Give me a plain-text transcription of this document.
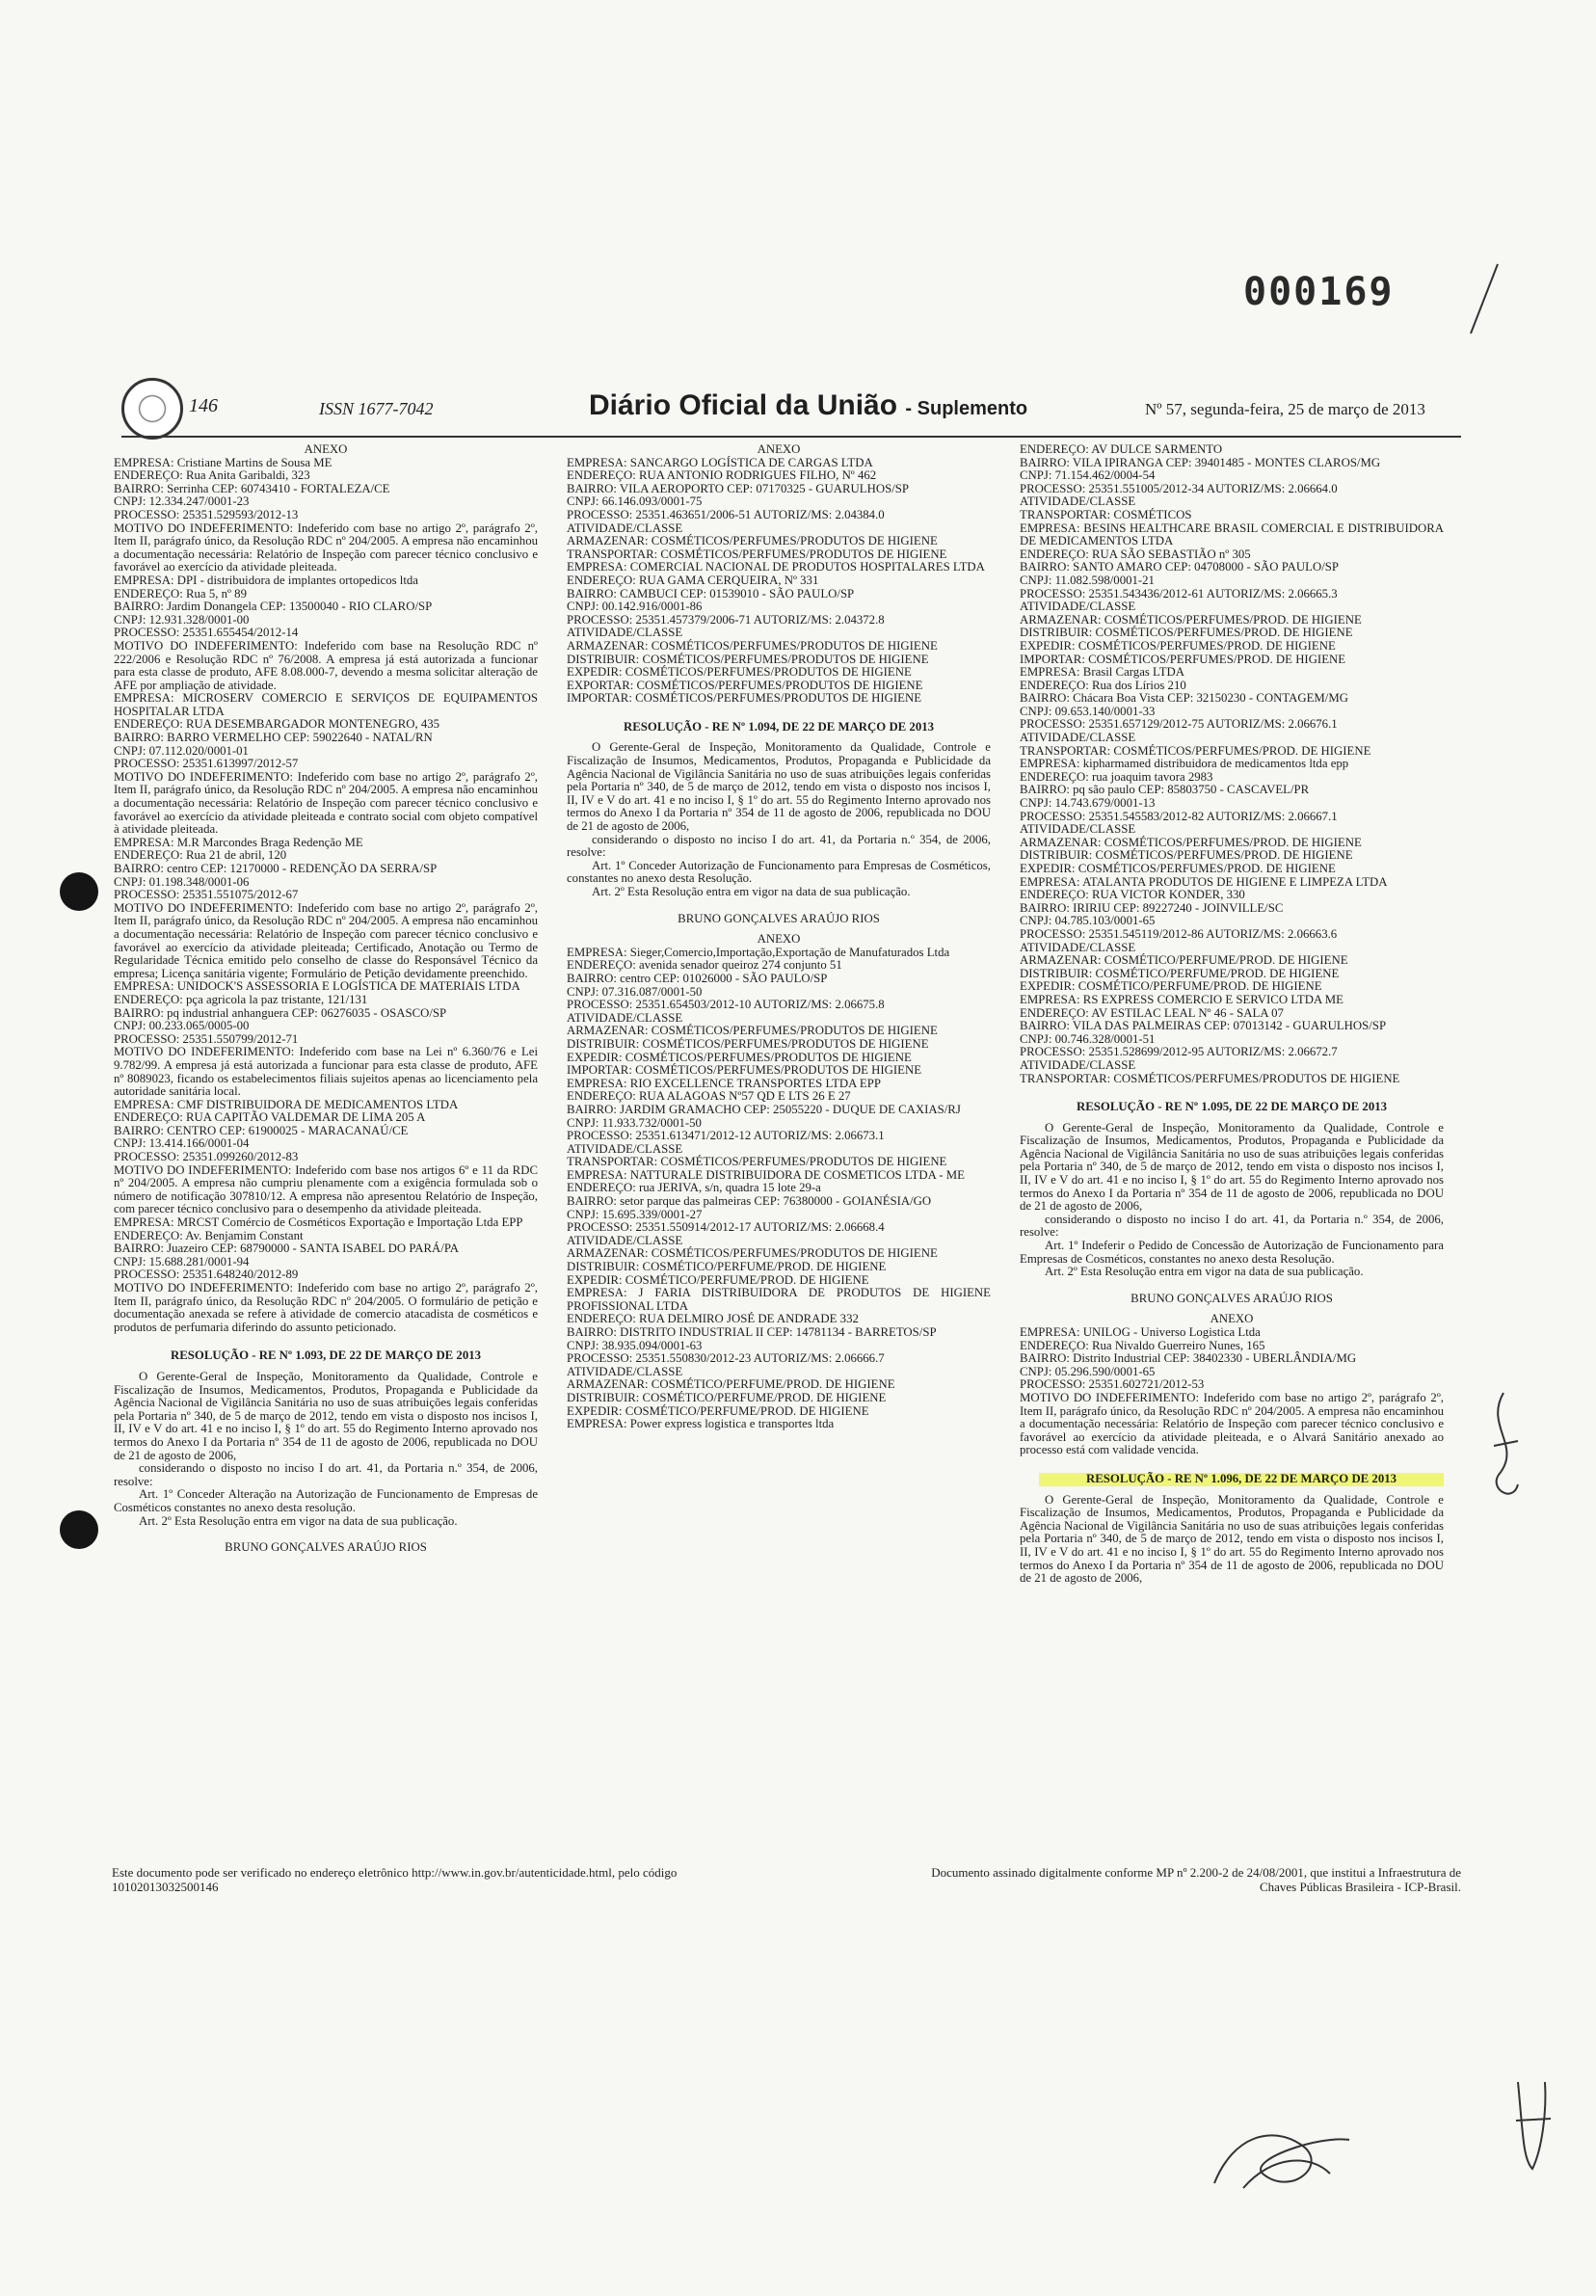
000169
146	ISSN 1677-7042	Diário Oficial da União - Suplemento	Nº 57, segunda-feira, 25 de março de 2013

ANEXO

EMPRESA: Cristiane Martins de Sousa ME

ENDEREÇO: Rua Anita Garibaldi, 323

BAIRRO: Serrinha CEP: 60743410 - FORTALEZA/CE

CNPJ: 12.334.247/0001-23

PROCESSO: 25351.529593/2012-13

MOTIVO DO INDEFERIMENTO: Indeferido com base no artigo 2º, parágrafo 2º, Item II, parágrafo único, da Resolução RDC nº 204/2005. A empresa não encaminhou a documentação necessária: Relatório de Inspeção com parecer técnico conclusivo e favorável ao exercício da atividade pleiteada.

EMPRESA: DPI - distribuidora de implantes ortopedicos ltda

ENDEREÇO: Rua 5, nº 89

BAIRRO: Jardim Donangela CEP: 13500040 - RIO CLARO/SP

CNPJ: 12.931.328/0001-00

PROCESSO: 25351.655454/2012-14

MOTIVO DO INDEFERIMENTO: Indeferido com base na Resolução RDC nº 222/2006 e Resolução RDC nº 76/2008. A empresa já está autorizada a funcionar para esta classe de produto, AFE 8.08.000-7, devendo a mesma solicitar alteração de AFE por ampliação de atividade.

EMPRESA: MICROSERV COMERCIO E SERVIÇOS DE EQUIPAMENTOS HOSPITALAR LTDA

ENDEREÇO: RUA DESEMBARGADOR MONTENEGRO, 435

BAIRRO: BARRO VERMELHO CEP: 59022640 - NATAL/RN

CNPJ: 07.112.020/0001-01

PROCESSO: 25351.613997/2012-57

MOTIVO DO INDEFERIMENTO: Indeferido com base no artigo 2º, parágrafo 2º, Item II, parágrafo único, da Resolução RDC nº 204/2005. A empresa não encaminhou a documentação necessária: Relatório de Inspeção com parecer técnico conclusivo e favorável ao exercício da atividade pleiteada e contrato social com objeto compatível à atividade pleiteada.

EMPRESA: M.R Marcondes Braga Redenção ME

ENDEREÇO: Rua 21 de abril, 120

BAIRRO: centro CEP: 12170000 - REDENÇÃO DA SERRA/SP

CNPJ: 01.198.348/0001-06

PROCESSO: 25351.551075/2012-67

MOTIVO DO INDEFERIMENTO: Indeferido com base no artigo 2º, parágrafo 2º, Item II, parágrafo único, da Resolução RDC nº 204/2005. A empresa não encaminhou a documentação necessária: Relatório de Inspeção com parecer técnico conclusivo e favorável ao exercício da atividade pleiteada; Certificado, Anotação ou Termo de Regularidade Técnica emitido pelo conselho de classe do Responsável Técnico da empresa; Licença sanitária vigente; Formulário de Petição devidamente preenchido.

EMPRESA: UNIDOCK'S ASSESSORIA E LOGÍSTICA DE MATERIAIS LTDA

ENDEREÇO: pça agricola la paz tristante, 121/131

BAIRRO: pq industrial anhanguera CEP: 06276035 - OSASCO/SP

CNPJ: 00.233.065/0005-00

PROCESSO: 25351.550799/2012-71

MOTIVO DO INDEFERIMENTO: Indeferido com base na Lei nº 6.360/76 e Lei 9.782/99. A empresa já está autorizada a funcionar para esta classe de produto, AFE nº 8089023, ficando os estabelecimentos filiais sujeitos apenas ao licenciamento pela autoridade sanitária local.

EMPRESA: CMF DISTRIBUIDORA DE MEDICAMENTOS LTDA

ENDEREÇO: RUA CAPITÃO VALDEMAR DE LIMA 205 A

BAIRRO: CENTRO CEP: 61900025 - MARACANAÚ/CE

CNPJ: 13.414.166/0001-04

PROCESSO: 25351.099260/2012-83

MOTIVO DO INDEFERIMENTO: Indeferido com base nos artigos 6º e 11 da RDC nº 204/2005. A empresa não cumpriu plenamente com a exigência formulada sob o número de notificação 307810/12. A empresa não apresentou Relatório de Inspeção, com parecer técnico conclusivo para o desempenho da atividade pleiteada.

EMPRESA: MRCST Comércio de Cosméticos Exportação e Importação Ltda EPP

ENDEREÇO: Av. Benjamim Constant

BAIRRO: Juazeiro CEP: 68790000 - SANTA ISABEL DO PARÁ/PA

CNPJ: 15.688.281/0001-94

PROCESSO: 25351.648240/2012-89

MOTIVO DO INDEFERIMENTO: Indeferido com base no artigo 2º, parágrafo 2º, Item II, parágrafo único, da Resolução RDC nº 204/2005. O formulário de petição e documentação anexada se refere à atividade de comercio atacadista de cosméticos e produtos de perfumaria diferindo do assunto peticionado.

RESOLUÇÃO - RE Nº 1.093, DE 22 DE MARÇO DE 2013

O Gerente-Geral de Inspeção, Monitoramento da Qualidade, Controle e Fiscalização de Insumos, Medicamentos, Produtos, Propaganda e Publicidade da Agência Nacional de Vigilância Sanitária no uso de suas atribuições legais conferidas pela Portaria nº 340, de 5 de março de 2012, tendo em vista o disposto nos incisos I, II, IV e V do art. 41 e no inciso I, § 1º do art. 55 do Regimento Interno aprovado nos termos do Anexo I da Portaria nº 354 de 11 de agosto de 2006, republicada no DOU de 21 de agosto de 2006,

considerando o disposto no inciso I do art. 41, da Portaria n.º 354, de 2006, resolve:

Art. 1º Conceder Alteração na Autorização de Funcionamento de Empresas de Cosméticos constantes no anexo desta resolução.

Art. 2º Esta Resolução entra em vigor na data de sua publicação.

BRUNO GONÇALVES ARAÚJO RIOS

ANEXO

EMPRESA: SANCARGO LOGÍSTICA DE CARGAS LTDA

ENDEREÇO: RUA ANTONIO RODRIGUES FILHO, Nº 462

BAIRRO: VILA AEROPORTO CEP: 07170325 - GUARULHOS/SP

CNPJ: 66.146.093/0001-75

PROCESSO: 25351.463651/2006-51 AUTORIZ/MS: 2.04384.0

ATIVIDADE/CLASSE

ARMAZENAR: COSMÉTICOS/PERFUMES/PRODUTOS DE HIGIENE

TRANSPORTAR: COSMÉTICOS/PERFUMES/PRODUTOS DE HIGIENE

EMPRESA: COMERCIAL NACIONAL DE PRODUTOS HOSPITALARES LTDA

ENDEREÇO: RUA GAMA CERQUEIRA, Nº 331

BAIRRO: CAMBUCI CEP: 01539010 - SÃO PAULO/SP

CNPJ: 00.142.916/0001-86

PROCESSO: 25351.457379/2006-71 AUTORIZ/MS: 2.04372.8

ATIVIDADE/CLASSE

ARMAZENAR: COSMÉTICOS/PERFUMES/PRODUTOS DE HIGIENE

DISTRIBUIR: COSMÉTICOS/PERFUMES/PRODUTOS DE HIGIENE

EXPEDIR: COSMÉTICOS/PERFUMES/PRODUTOS DE HIGIENE

EXPORTAR: COSMÉTICOS/PERFUMES/PRODUTOS DE HIGIENE

IMPORTAR: COSMÉTICOS/PERFUMES/PRODUTOS DE HIGIENE

RESOLUÇÃO - RE Nº 1.094, DE 22 DE MARÇO DE 2013

O Gerente-Geral de Inspeção, Monitoramento da Qualidade, Controle e Fiscalização de Insumos, Medicamentos, Produtos, Propaganda e Publicidade da Agência Nacional de Vigilância Sanitária no uso de suas atribuições legais conferidas pela Portaria nº 340, de 5 de março de 2012, tendo em vista o disposto nos incisos I, II, IV e V do art. 41 e no inciso I, § 1º do art. 55 do Regimento Interno aprovado nos termos do Anexo I da Portaria nº 354 de 11 de agosto de 2006, republicada no DOU de 21 de agosto de 2006,

considerando o disposto no inciso I do art. 41, da Portaria n.º 354, de 2006, resolve:

Art. 1º Conceder Autorização de Funcionamento para Empresas de Cosméticos, constantes no anexo desta Resolução.

Art. 2º Esta Resolução entra em vigor na data de sua publicação.

BRUNO GONÇALVES ARAÚJO RIOS

ANEXO

EMPRESA: Sieger,Comercio,Importação,Exportação de Manufaturados Ltda

ENDEREÇO: avenida senador queiroz 274 conjunto 51

BAIRRO: centro CEP: 01026000 - SÃO PAULO/SP

CNPJ: 07.316.087/0001-50

PROCESSO: 25351.654503/2012-10 AUTORIZ/MS: 2.06675.8

ATIVIDADE/CLASSE

ARMAZENAR: COSMÉTICOS/PERFUMES/PRODUTOS DE HIGIENE

DISTRIBUIR: COSMÉTICOS/PERFUMES/PRODUTOS DE HIGIENE

EXPEDIR: COSMÉTICOS/PERFUMES/PRODUTOS DE HIGIENE

IMPORTAR: COSMÉTICOS/PERFUMES/PRODUTOS DE HIGIENE

EMPRESA: RIO EXCELLENCE TRANSPORTES LTDA EPP

ENDEREÇO: RUA ALAGOAS Nº57 QD E LTS 26 E 27

BAIRRO: JARDIM GRAMACHO CEP: 25055220 - DUQUE DE CAXIAS/RJ

CNPJ: 11.933.732/0001-50

PROCESSO: 25351.613471/2012-12 AUTORIZ/MS: 2.06673.1

ATIVIDADE/CLASSE

TRANSPORTAR: COSMÉTICOS/PERFUMES/PRODUTOS DE HIGIENE

EMPRESA: NATTURALE DISTRIBUIDORA DE COSMETICOS LTDA - ME

ENDEREÇO: rua JERIVA, s/n, quadra 15 lote 29-a

BAIRRO: setor parque das palmeiras CEP: 76380000 - GOIANÉSIA/GO

CNPJ: 15.695.339/0001-27

PROCESSO: 25351.550914/2012-17 AUTORIZ/MS: 2.06668.4

ATIVIDADE/CLASSE

ARMAZENAR: COSMÉTICOS/PERFUMES/PRODUTOS DE HIGIENE

DISTRIBUIR: COSMÉTICO/PERFUME/PROD. DE HIGIENE

EXPEDIR: COSMÉTICO/PERFUME/PROD. DE HIGIENE

EMPRESA: J FARIA DISTRIBUIDORA DE PRODUTOS DE HIGIENE PROFISSIONAL LTDA

ENDEREÇO: RUA DELMIRO JOSÉ DE ANDRADE 332

BAIRRO: DISTRITO INDUSTRIAL II CEP: 14781134 - BARRETOS/SP

CNPJ: 38.935.094/0001-63

PROCESSO: 25351.550830/2012-23 AUTORIZ/MS: 2.06666.7

ATIVIDADE/CLASSE

ARMAZENAR: COSMÉTICO/PERFUME/PROD. DE HIGIENE

DISTRIBUIR: COSMÉTICO/PERFUME/PROD. DE HIGIENE

EXPEDIR: COSMÉTICO/PERFUME/PROD. DE HIGIENE

EMPRESA: Power express logistica e transportes ltda

ENDEREÇO: AV DULCE SARMENTO

BAIRRO: VILA IPIRANGA CEP: 39401485 - MONTES CLAROS/MG

CNPJ: 71.154.462/0004-54

PROCESSO: 25351.551005/2012-34 AUTORIZ/MS: 2.06664.0

ATIVIDADE/CLASSE

TRANSPORTAR: COSMÉTICOS

EMPRESA: BESINS HEALTHCARE BRASIL COMERCIAL E DISTRIBUIDORA DE MEDICAMENTOS LTDA

ENDEREÇO: RUA SÃO SEBASTIÃO nº 305

BAIRRO: SANTO AMARO CEP: 04708000 - SÃO PAULO/SP

CNPJ: 11.082.598/0001-21

PROCESSO: 25351.543436/2012-61 AUTORIZ/MS: 2.06665.3

ATIVIDADE/CLASSE

ARMAZENAR: COSMÉTICOS/PERFUMES/PROD. DE HIGIENE

DISTRIBUIR: COSMÉTICOS/PERFUMES/PROD. DE HIGIENE

EXPEDIR: COSMÉTICOS/PERFUMES/PROD. DE HIGIENE

IMPORTAR: COSMÉTICOS/PERFUMES/PROD. DE HIGIENE

EMPRESA: Brasil Cargas LTDA

ENDEREÇO: Rua dos Lírios 210

BAIRRO: Chácara Boa Vista CEP: 32150230 - CONTAGEM/MG

CNPJ: 09.653.140/0001-33

PROCESSO: 25351.657129/2012-75 AUTORIZ/MS: 2.06676.1

ATIVIDADE/CLASSE

TRANSPORTAR: COSMÉTICOS/PERFUMES/PROD. DE HIGIENE

EMPRESA: kipharmamed distribuidora de medicamentos ltda epp

ENDEREÇO: rua joaquim tavora 2983

BAIRRO: pq são paulo CEP: 85803750 - CASCAVEL/PR

CNPJ: 14.743.679/0001-13

PROCESSO: 25351.545583/2012-82 AUTORIZ/MS: 2.06667.1

ATIVIDADE/CLASSE

ARMAZENAR: COSMÉTICOS/PERFUMES/PROD. DE HIGIENE

DISTRIBUIR: COSMÉTICOS/PERFUMES/PROD. DE HIGIENE

EXPEDIR: COSMÉTICOS/PERFUMES/PROD. DE HIGIENE

EMPRESA: ATALANTA PRODUTOS DE HIGIENE E LIMPEZA LTDA

ENDEREÇO: RUA VICTOR KONDER, 330

BAIRRO: IRIRIU CEP: 89227240 - JOINVILLE/SC

CNPJ: 04.785.103/0001-65

PROCESSO: 25351.545119/2012-86 AUTORIZ/MS: 2.06663.6

ATIVIDADE/CLASSE

ARMAZENAR: COSMÉTICO/PERFUME/PROD. DE HIGIENE

DISTRIBUIR: COSMÉTICO/PERFUME/PROD. DE HIGIENE

EXPEDIR: COSMÉTICO/PERFUME/PROD. DE HIGIENE

EMPRESA: RS EXPRESS COMERCIO E SERVICO LTDA ME

ENDEREÇO: AV ESTILAC LEAL Nº 46 - SALA 07

BAIRRO: VILA DAS PALMEIRAS CEP: 07013142 - GUARULHOS/SP

CNPJ: 00.746.328/0001-51

PROCESSO: 25351.528699/2012-95 AUTORIZ/MS: 2.06672.7

ATIVIDADE/CLASSE

TRANSPORTAR: COSMÉTICOS/PERFUMES/PRODUTOS DE HIGIENE

RESOLUÇÃO - RE Nº 1.095, DE 22 DE MARÇO DE 2013

O Gerente-Geral de Inspeção, Monitoramento da Qualidade, Controle e Fiscalização de Insumos, Medicamentos, Produtos, Propaganda e Publicidade da Agência Nacional de Vigilância Sanitária no uso de suas atribuições legais conferidas pela Portaria nº 340, de 5 de março de 2012, tendo em vista o disposto nos incisos I, II, IV e V do art. 41 e no inciso I, § 1º do art. 55 do Regimento Interno aprovado nos termos do Anexo I da Portaria nº 354 de 11 de agosto de 2006, republicada no DOU de 21 de agosto de 2006,

considerando o disposto no inciso I do art. 41, da Portaria n.º 354, de 2006, resolve:

Art. 1º Indeferir o Pedido de Concessão de Autorização de Funcionamento para Empresas de Cosméticos, constantes no anexo desta Resolução.

Art. 2º Esta Resolução entra em vigor na data de sua publicação.

BRUNO GONÇALVES ARAÚJO RIOS

ANEXO

EMPRESA: UNILOG - Universo Logistica Ltda

ENDEREÇO: Rua Nivaldo Guerreiro Nunes, 165

BAIRRO: Distrito Industrial CEP: 38402330 - UBERLÂNDIA/MG

CNPJ: 05.296.590/0001-65

PROCESSO: 25351.602721/2012-53

MOTIVO DO INDEFERIMENTO: Indeferido com base no artigo 2º, parágrafo 2º, Item II, parágrafo único, da Resolução RDC nº 204/2005. A empresa não encaminhou a documentação necessária: Relatório de Inspeção com parecer técnico conclusivo e favorável ao exercício da atividade pleiteada, e o Alvará Sanitário anexado ao processo está com validade vencida.

RESOLUÇÃO - RE Nº 1.096, DE 22 DE MARÇO DE 2013

O Gerente-Geral de Inspeção, Monitoramento da Qualidade, Controle e Fiscalização de Insumos, Medicamentos, Produtos, Propaganda e Publicidade da Agência Nacional de Vigilância Sanitária no uso de suas atribuições legais conferidas pela Portaria nº 340, de 5 de março de 2012, tendo em vista o disposto nos incisos I, II, IV e V do art. 41 e no inciso I, § 1º do art. 55 do Regimento Interno aprovado nos termos do Anexo I da Portaria nº 354 de 11 de agosto de 2006, republicada no DOU de 21 de agosto de 2006,

Este documento pode ser verificado no endereço eletrônico http://www.in.gov.br/autenticidade.html, pelo código 10102013032500146
Documento assinado digitalmente conforme MP nº 2.200-2 de 24/08/2001, que institui a Infraestrutura de Chaves Públicas Brasileira - ICP-Brasil.
